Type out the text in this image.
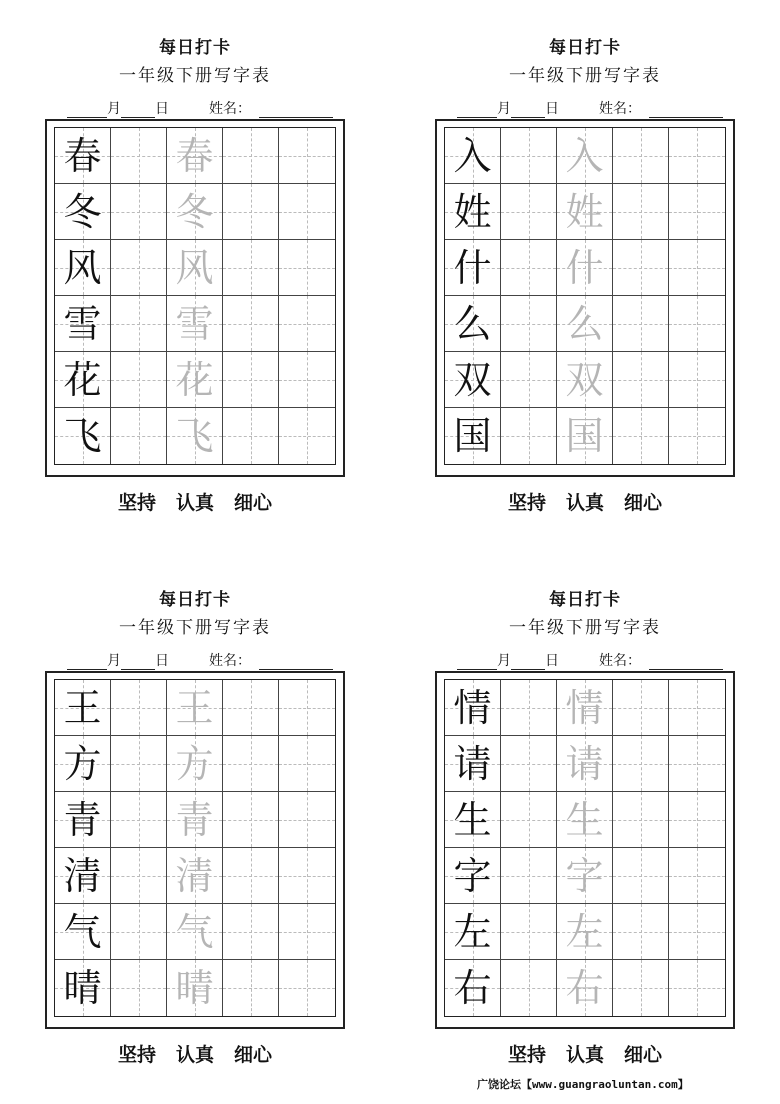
每日打卡
一年级下册写字表
月 日	姓名：
春 春
冬 冬
风 风
雪 雪
花 花
飞 飞
坚持 认真 细心
每日打卡
一年级下册写字表
月 日	姓名：
入 入
姓 姓
什 什
么 么
双 双
国 国
坚持 认真 细心
每日打卡
一年级下册写字表
月 日	姓名：
王 王
方 方
青 青
清 清
气 气
晴 晴
坚持 认真 细心
每日打卡
一年级下册写字表
月 日	姓名：
情 情
请 请
生 生
字 字
左 左
右 右
坚持 认真 细心
广饶论坛【www.guangraoluntan.com】
